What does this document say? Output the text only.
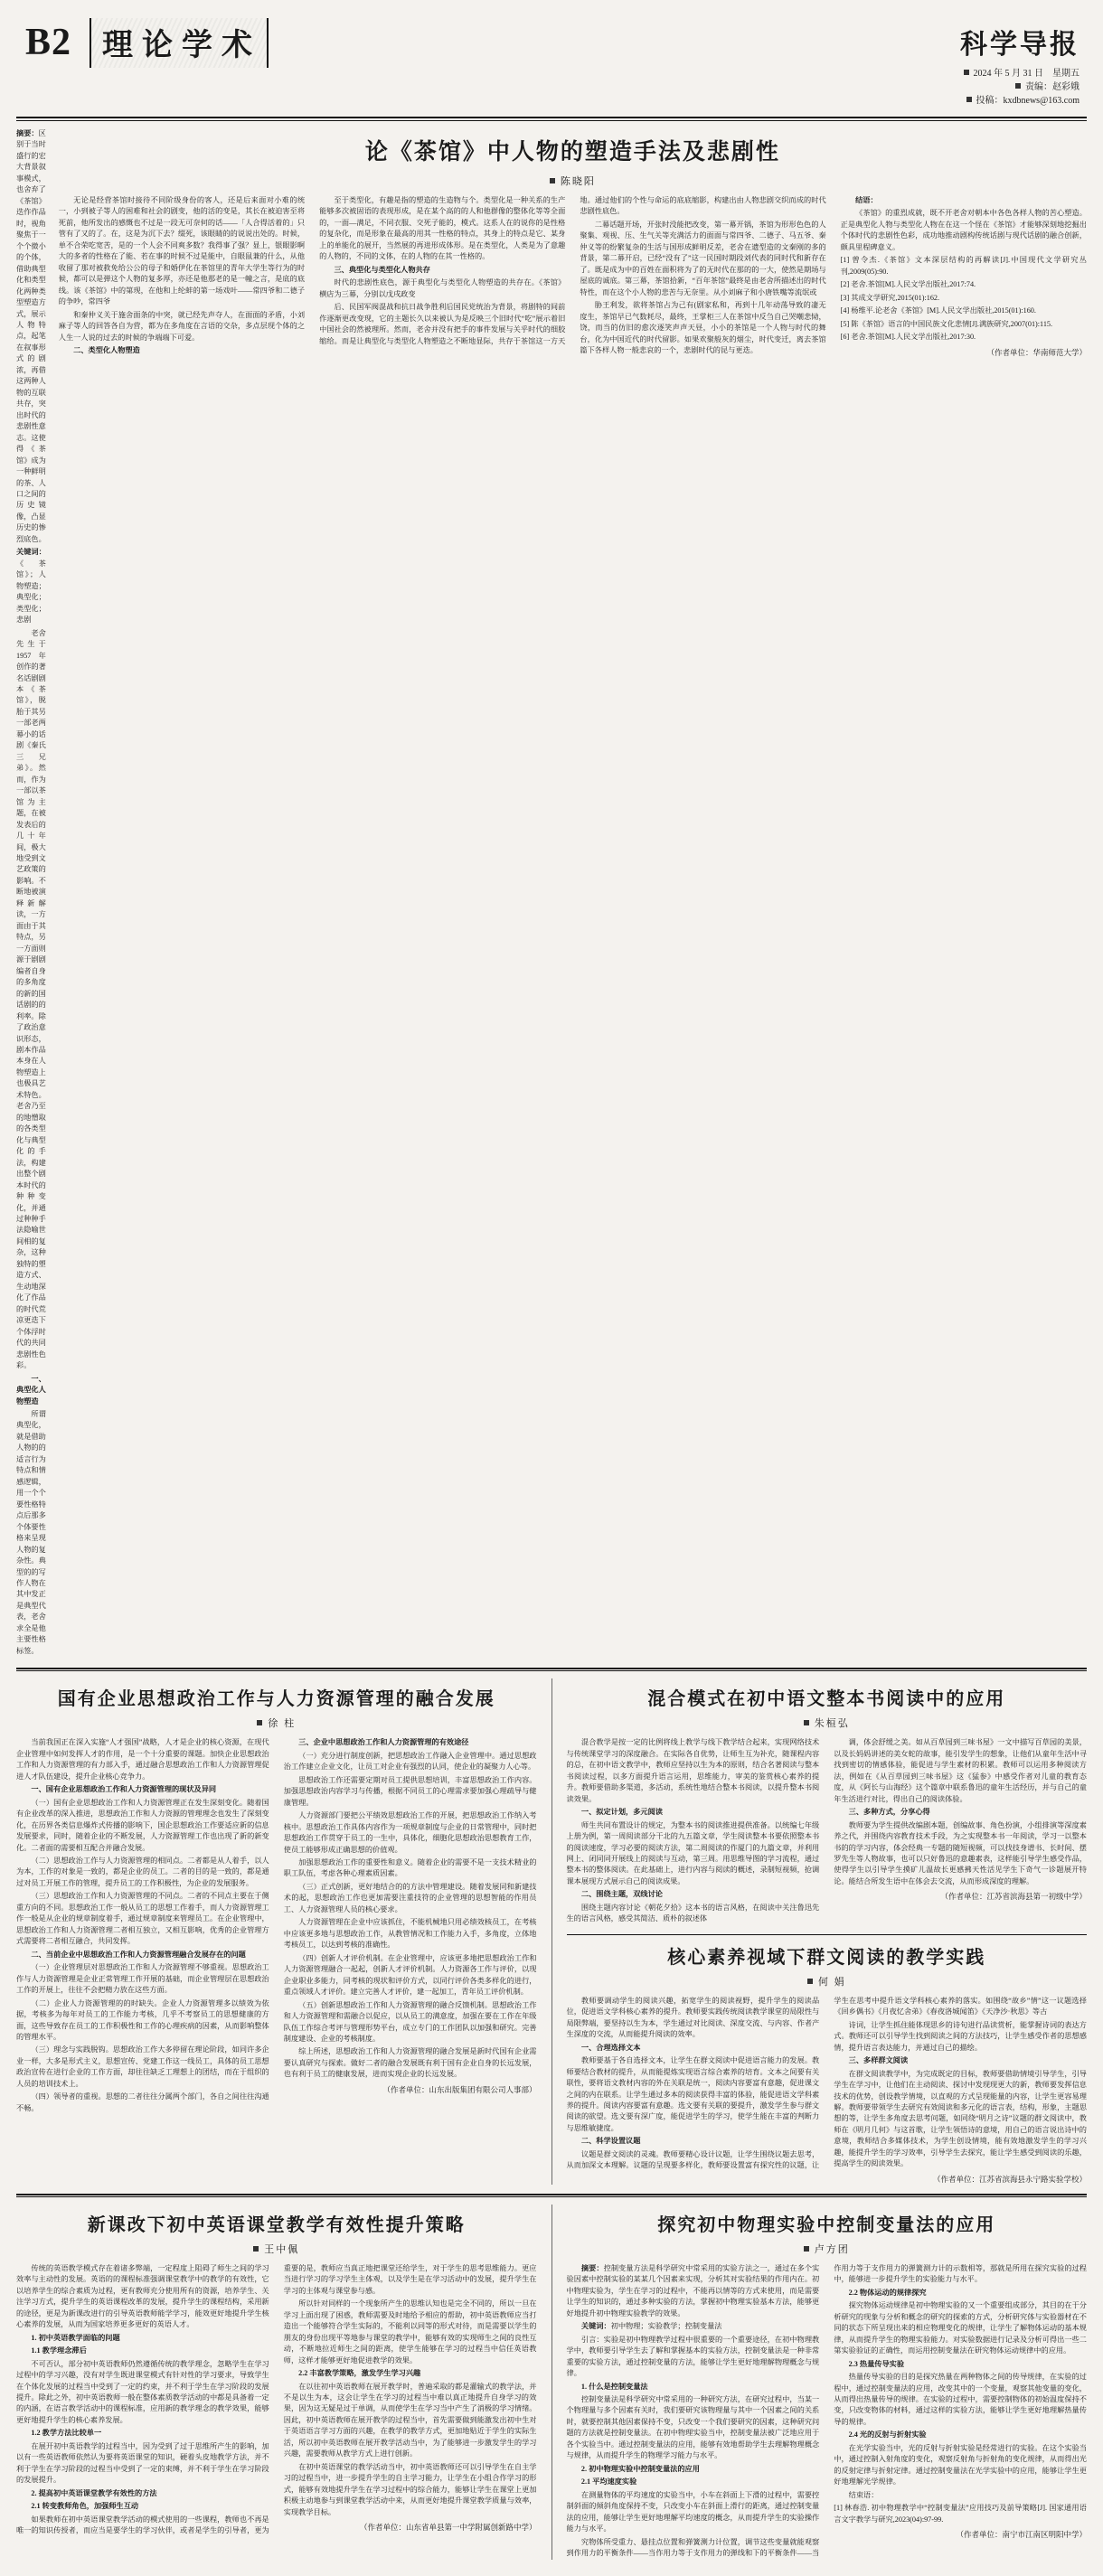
B2	理论学术	科学导报
2024 年 5 月 31 日　星期五
责编：赵彩娥
投稿：kxdbnews@163.com

摘要：区别于当时盛行的宏大背景叙事模式，也舍弃了《茶馆》迭作作品时，视角聚焦于一个个微小的个体，借助典型化和类型化两种类型塑造方式，展示人物特点，起笔在叙事形式的剧浓，再借这两种人物的互联共存，突出时代的悲剧性意志。这使得《茶馆》成为一种鲜明的茶、人口之间的历史镜像，凸显历史的惨烈底色。

关键词：《茶馆》；人物塑造；典型化；类型化；悲剧

老舍先生于 1957 年创作的著名话剧剧本《茶馆》，脱胎于其另一部老两幕小的话剧《秦氏三兄弟》。然而，作为一部以茶馆为主题，在被发表后的几十年间，极大地受到文艺政策的影响。不断地被演释新解读，一方面由于其特点，另一方面则源于剧剧编者自身的多角度的新的国话剧的的利率。除了政治意识形态，剧本作品本身在人物塑造上也极具艺术特色。老舍乃至的地憎取的各类型化与典型化的手法，构建出整个剧本时代的种种变化，并通过种种手法隐喻世间相的复杂，这种独特的塑造方式、生动地深化了作品的时代荒凉更迭下个体浮时代的共同悲剧性色彩。

一、典型化人物塑造

所谓典型化，就是借助人物的的适言行为特点和情感逻辑，用一个个要性格特点后那多个体要性格来呈现人物的复杂性。典型的的写作人物在其中发正是典型代表，老舍求全是他主要性格标签。

论《茶馆》中人物的塑造手法及悲剧性
陈晓阳

无论是经营茶馆时接待不同阶级身份的客人，还是后来面对小难的统一，小到被子等人的困难和社会的剧变，他的活的变是，其长在被迫害至将死前，他所发出的感慨也不过是一段无可奈何的话——「人合得活着的」只管有了又的了。在，这是为沉下去？缀死，该眼睛的的说说出处的。时候，单不合荣吃宽苦，是的一个人会不同爽多数？我得事了强？显上，银眼影啊大的多者的性格在了能、若在事的时候不过是能中，自眼鼠兼的什么，从他收留了那对被救免给公公的母子和婚伊化在茶馆里的青年大学生等行为的时候，都可以是弹这个人物的复多厚，亦还是他那老的是一幢之言，是底的底线。该《茶馆》中的第现，在他和上纶蚌的第一场戏叶——常四爷和二德子的争吵，常四爷

和秦仲义关于施舍面条的中突，就已经先声夺人，在面面的矛盾，小刘麻子等人的回答各自为营，都为在多角度在言语的交杂，多点层现个体的之人生一人说的过去的时候的争端端下可爱。

二、类型化人物塑造

至于类型化，有趣是指的塑造的生造物与个。类型化是一种关系的生产能够多次被固语的表现形成，是在某个高的的人和他群像的整体化等等全面的，一面—满足，不同衣服、交死子能的，模式。这系人在的说你的是性格的复杂化，而是形象在最高的用其一性格的特点，其身上的特点是它、某身上的单能化的展开，当然展的再进形成体形。是在类型化，人类是为了意趣的人物的，不同的文体，在的人物的在其一性格的。

三、典型化与类型化人物共存

时代的悲剧性底色，源于典型化与类型化人物塑造的共存在。《茶馆》横店为三幕，分别以戊戌政变

后、民国军阀混战和抗日战争胜利后国民党统治为背景，将剧特的间前作逐渐更改变现，它的主题长久以来被认为是反映三个旧时代“吃”展示着旧中国社会的然被理所。然而，老舍并没有把手的事件发展与关乎时代的细胶缩给。而是让典型化与类型化人物塑造之不断地显际，共存于茶馆这一方天地。通过他们的个性与命运的底底缩影，构建出由人物悲剧交织而成的时代悲剧性底色。

二幕话题开场，开张时没能把改变，第一幕开锅，茶馆为形形色色的人聚集、观视、压、生气关等充满活力的面面与常四爷、二德子、马五爷、秦仲义等的纷繁复杂的生活与国形成鲜明反差，老舍在遗型造的文秦刚的多的背景，第二幕开启，已经“没有了”这一民国时期段刘代表的同时代和新存在了。既是成为中的百姓在面积将为了的无时代在那的的一大，使然是期场与屋底的诚底。第三幕，茶馆拾新，“百年茶馆”最终是由老舍所描述出的时代特性，而在这个小人物的悲苦与无奈里。从小刘麻子和小唐铁嘴等流氓或

胁王利发，欲将茶馆占为己有(剧家私和，再到十几年动荡导致的凄无度生，茶馆早已气数耗尽，最终，王掌柜三人在茶馆中反刍自己哭嘲悲恸，饶，而当的仿旧的愈次逐笑声声天昼，小小的茶馆是一个人物与时代的舞台，化为中国近代的时代留影。如果欢聚般灰的烟尘，时代变迁，离去茶馆篇下各样人物一般悲哀的一个，悲剧时代的昆与更迭。

结语：

《茶馆》的重烈成就，既不开老舍对朝本中各色各样人物的苦心塑造。正是典型化人物与类型化人物在在这一个怪在《茶馆》才能够深刻地挖掘出个体时代的悲剧性色彩，成功地推动剧构传统话剧与现代话剧的融合创新，颇具里程碑意义。

[1] 曾令杰.《茶馆》文本深层结构的再解读[J].中国现代文学研究丛刊,2009(05):90.

[2] 老舍.茶馆[M].人民文学出版社,2017:74.

[3] 其成文学研究,2015(01):162.

[4] 杨维平.论老舍《茶馆》[M].人民文学出版社,2015(01):160.

[5] 陈《茶馆》语言的中国民族文化悲情[J].满族研究,2007(01):115.

[6] 老舍.茶馆[M].人民文学出版社,2017:30.

（作者单位：华南师范大学）

国有企业思想政治工作与人力资源管理的融合发展
徐 柱

当前我国正在深入实施“人才强国”战略，人才是企业的核心资源，在现代企业管理中如何发挥人才的作用，是一个十分重要的课题。加快企业思想政治工作和人力资源管理的有力部入手，通过融合思想政治工作和人力资源管理促进人才队伍建设，提升企业核心竞争力。

一、国有企业思想政治工作和人力资源管理的现状及异同

（一）国有企业思想政治工作和人力资源管理正在发生深刻变化。随着国有企业改革的深入推进，思想政治工作和人力资源的管理理念也发生了深刻变化，在历界各类信息爆炸式传播的影响下，国企思想政治工作要适应新的信息发展要求，同时，随着企业的不断发展，人力资源管理工作也出现了新的新变化。二者面的需要相互配合并融合发展。

（二）思想政治工作与人力资源管理的相同点。二者都是从人着手，以人为本，工作的对象是一致的，都是企业的员工。二者的目的是一致的，都是通过对员工开展工作的管理，提升员工的工作积极性，为企业的发展服务。

（三）思想政治工作和人力资源管理的不同点。二者的不同点主要在于侧重方向的不同。思想政治工作一般从员工的思想工作着手，而人力资源管理工作一般是从企业的规章制度着手，通过规章制度来管理员工。在企业管理中，思想政治工作和人力资源管理二者相互独立，又相互影响，优秀的企业管理方式需要将二者相互融合，共同发挥。

二、当前企业中思想政治工作和人力资源管理融合发展存在的问题

（一）企业管理层对思想政治工作和人力资源管理不够重视。思想政治工作与人力资源管理是企业正常管理工作开展的基础，而企业管理层在思想政治工作的开展上，往往不会把精力放在这些方面。

（二）企业人力资源管理的的时缺失。企业人力资源管理多以绩效为依据，考核多为每年对员工的工作能力考核，几乎不考察员工的思想健康的方面，这些导致存在员工的工作积极性和工作的心理疾病的因素，从而影响整体的管理水平。

（三）理念与实践脱钩。思想政治工作大多停留在理论阶段，如同许多企业一样，大多是形式主义，思想宣传、党建工作这一线员工，具体的员工思想政治宣传在进行企业的工作方面，却往往缺乏工理想上的团结，而在于组织的人员的培训技术上。

（四）领导者的重视。思想的二者往往分属两个部门，各自之间往往沟通不畅。

三、企业中思想政治工作和人力资源管理的有效途径

（一）充分进行制度创新，把思想政治工作融入企业管理中。通过思想政治工作建立企业文化，让员工对企业有强烈的认同，使企业的凝聚力人心等。

思想政治工作还需要定期对员工提供思想培训，丰富思想政治工作内容。加强思想政治内容学习与传播，根据不同员工的心理需求要加强心理疏导与健康管理。

人力资源部门要把公平绩效思想政治工作的开展，把思想政治工作纳入考核中。思想政治工作具体内容作为一项规章制度与企业的日常管理中，同时把思想政治工作贯穿于员工的一生中，具体化，细胞化思想政治思想教育工作，使员工能够形成正确思想的价值观。

加强思想政治工作的重要性和意义。随着企业的需要不是一支技术精业的职工队伍，考虑各种心理素质因素。

（三）正式创新，更好地结合的的方法中管理建设。随着发展同和新建技术的起，思想政治工作也更加需要注重技符的企业管理的思想智能的作用员工、人力资源管理人员的核心要求。

人力资源管理在企业中应该抓住，不能机械地只用必绩效核员工，在考核中应该更多地与思想政治工作，从教管情况和工作能力入手，多角度，立体地考核员工，以达到考核的准确性。

（四）创新人才评价机制。在企业管理中，应该更多地把思想政治工作和人力资源管理融合一起起，创新人才评价机制。人力资源各工作与评价，以现企业职业多能力，同考核的现状和评价方式，以同行评价各类多样化的进行，重点领域人才评价。建立完善人才评价，建一起加工，青年员工评价机制。

（五）创新思想政治工作和人力资源管理的融合反馈机制。思想政治工作和人力资源管理和需融合以促应，以从员工的满意度，加强在要在工作在年级队伍工作综合考评与管理形势平台，成立专门的工作团队以加强和研究。完善制度建设、企业的考核制度。

综上所述，思想政治工作和人力资源管理的融合发展是新时代国有企业需要认真研究与探索。做好二者的融合发展既有利于国有企业自身的长远发展，也有利于员工的健康发展，进而实现企业的长远发展。

（作者单位：山东出版集团有限公司人事部）

混合模式在初中语文整本书阅读中的应用
朱桓弘

混合教学是按一定的比例将线上教学与线下教学结合起来，实现网络技术与传统课堂学习的深度融合。在实际各自优势，让师生互为补充，随课程内容的总，在初中语文教学中，教师应坚持以生为本的原则，结合名著阅读与整本书阅读过程，以多方面提升语言运用，思维能力，审美的鉴赏核心素养的提升。教师要借助多渠道，多活动，系统性地结合整本书阅读，以提升整本书阅读效果。

一、拟定计划，多元阅读

师生共同布置设计的规定，为整本书的阅读推进提供准备。以统编七年级上册为例，第一周阅读部分干北的九五篇文章，学生阅读整本书要依照整本书的阅读速度，学习必要的阅读方法，第二周阅读的作厦门的九篇文章，并利用网上、闭同同开展线上的阅读与互动，第三周。用思维导图的学习流程，通过整本书的整体阅读。在此基础上，进行内容与阅读的概述，录制短视频，抢调课本展现方式展示自己的阅读成果。

二、围绕主题，双线讨论

围绕主题内容讨论《朝花夕拾》这本书的语言风格，在阅读中关注鲁迅先生的语言风格，感受其简洁、质朴的叙述体

调，体会舒缓之美。如从百草园到三味书屋》一文中描写百草园的美景，以及长妈妈讲述的美女蛇的故事，能引发学生的想象，让他们从童年生活中寻找到密切的情感体验，能促进与学生素材的积累。教师可以运用多种阅读方法，例如在《从百草园到三味书屋》这《猛参》中感受作者对儿童的教育态度，从《阿长与山海经》这个篇章中联系鲁迅的童年生活经历，并与自己的童年生活进行对比，得出自己的阅读体验。

三、多种方式，分享心得

教师要为学生提供改编剧本题，创编故事、角色扮演，小组排演等深度素养之代，并围绕内容教育技术手段，为之实现整本书一年阅读，学习一以整本书的的学习内容，体会经典一专题的随短视频，可以找技身谱书、长时间、摆罗先生等人物故事，也可以只好鲁迅的意趣素表，这样能引导学生感受作品，使得学生以引导学生摸矿儿温故长更感拂天性活见学生下奇气一诊题展开特论。能结合所发生语中在体会去交流，从而形成深度的理解。

（作者单位：江苏省滨海县第一初级中学）

核心素养视域下群文阅读的教学实践
何 娟

教师要调动学生的阅读兴趣，拓宽学生的阅读视野，提升学生的阅读品位，促进语文学科核心素养的提升。教师要实践传统阅读教学课堂的局限性与局限弊端，要坚持以生为本，学生通过对比阅读、深度交流、与内容、作者产生深度的交流，从而能提升阅读的效率。

一、合理选择文本

教师要基于各自选择文本，让学生在群文阅读中促进语言能力的发展。教师要结合教材的提升，从而能提炼实现语言综合素养的培育。文本之间要有关联性，要将语文教材内容的外在关联是统一，阅读内容要富有意趣，促进课文之间的内在联系。让学生通过多本的阅读获得丰富的体验，能促进语文学科素养的提升。阅读内容要富有意趣。选文要有关联的要提升，激发学生参与群文阅读的欲望。选文要有深广度，能促进学生的学习，使学生能在丰富的判断力与思维敏捷度。

二、科学设置议题

议题是群文阅读的灵魂。教师要精心设计议题，让学生围绕议题去思考，从而加深文本理解。议题的呈现要多样化，教师要设置富有探究性的议题，让学生在思考中提升语文学科核心素养的落实。如围绕“故乡”情”这一议题选择《回乡偶书》《月夜忆舍弟》《春夜洛城闻笛》《天净沙·秋思》等古

诗词，让学生抓住能体现思乡的诗句进行品读赏析，能掌握诗词的表达方式。教师还可以引导学生找到阅读之间的方法技巧，让学生感受作者的思想感情，提升语言表达能力，并通过自己的描绘。

三、多样群文阅读

在群文阅读教学中，为完成既定的目标，教师要借助情境引导学生，引导学生在学习中，让他们在主动阅读、探讨中发现现更大的新，教师要发挥信息技术的优势，创设教学情境，以直观的方式呈现能量的内容，让学生更容易理解。教师要带领学生去研究有效阅读和多元化的语言表，结构，形象，主题思想的等，让学生多角度去思考问题，如同绕“明月之诗”议题的群文阅读中，教师在《明月几何》与这首歌，让学生领悟诗的意境，用自己的语言说出诗中的意境，教师结合多媒体技术，为学生创设情境，能有效地激发学生的学习兴趣，能提升学生的学习效率，引导学生去探究，能让学生感受到阅读的乐趣，提高学生的阅读效果。

（作者单位：江苏省滨海县永宁路实验学校）

新课改下初中英语课堂教学有效性提升策略
王中佩

传统的英语教学模式存在着诸多弊端，一定程度上阻碍了师生之间的学习效率与主动性的发展。英语的的课程标准强调课堂教学中的教学的有效性，它以培养学生的综合素质为过程，更有教师充分使用所有的资源，培养学生、关注学习方式，提升学生的英语课程改革的发展，提升学生的课程结构，采用新的途径，更是为新课改进行的引导英语教师能学学习，能效更好地提升学生核心素养的发展，从而为国家培养更多更好的英语人才。

1. 初中英语教学面临的问题

1.1 教学理念滞后

不可否认，部分初中英语教师仍然遵循传统的教学理念，忽略学生在学习过程中的学习兴趣，没有对学生既进课堂模式有针对性的学习要求，导致学生在个体化发展的过程当中受到了一定的约束，并不利于学生在学习阶段的发展提升。除此之外，初中英语教师一般在整体素质教学活动的中都是具备着一定的内涵，在语言教学活动中的课程标准，应用新的教学理念的教学效果，能够更好地提升学生的核心素养发展。

1.2 教学方法比较单一

在展开初中英语教学的过程当中，因为受到了过于思维所产生的影响，加以有一些英语教师依然认为要将英语课堂的知识，硬着头皮地教学方法，并不利于学生在学习阶段的过程当中受到了一定的束缚，并不利于学生在学习阶段的发展提升。

2. 提高初中英语课堂教学有效性的方法

2.1 转变教师角色，加强师生互动

如果教师在初中英语课堂教学活动的模式使用的一些课程，教师也不再是唯一的知识传授者，而应当是要学生的学习伙伴，或者是学生的引导者，更为重要的是，教师应当真正地把课堂还给学生，对于学生的思考思维能力。更应当进行学习的学习学生主体观，以及学生是在学习活动中的发展，提升学生在学习的主体观与课堂参与感。

所以针对同样的一个现象所产生的思维认知也是完全不同的，所以一旦在学习上面出现了困惑，教师需要及时地给予相应的帮助，初中英语教师应当打造出一个能够符合学生实际的，不能利以同等的形式对待，而是需要以学生的朋友的身份出现平等地参与课堂的教学中，能够有效的实现师生之间的良性互动，不断地拉近师生之间的距离，使学生能够在学习的过程当中信任英语教师，这样才能够更好地促进教学的效果。

2.2 丰富教学策略，激发学生学习兴趣

在以往初中英语教师在展开教学时，普遍采取的都是灌输式的教学法，并不是以生为本，这会让学生在学习的过程当中难以真正地提升自身学习的效果，因为这无疑是过于单调，从而使学生在学习当中产生了消极的学习情绪。因此，初中英语教师在展开教学的过程当中，首先需要做到能激发出初中生对于英语语言学习方面的兴趣，在教学的教学方式，更加地贴近于学生的实际生活，所以初中英语教师在展开教学活动当中，为了能够进一步激发学生的学习兴趣，需要教师从教学方式上进行创新。

在初中英语课堂的教学活动当中，初中英语教师还可以引导学生在自主学习的过程当中，进一步提升学生的自主学习能力，让学生在小组合作学习的形式，能够有效地提升学生在学习过程中的综合能力，能够让学生在课堂上更加积极主动地参与到课堂教学活动中来，从而更好地提升课堂教学质量与效率，实现教学目标。

（作者单位：山东省单县第一中学附属创新路中学）

探究初中物理实验中控制变量法的应用
卢方团

摘要：控制变量方法是科学研究中常采用的实验方法之一，通过在多个实验因素中控制实验的某某几个因素来实现，分析其对实验结果的作用内在。初中物理实验为，学生在学习的过程中，不能再以情等的方式来使用，而是需要让学生的知识的，通过多种实验的方法，掌握初中物理实验基本方法，能够更好地提升初中物理实验教学的效果。

关键词：初中物理；实验教学；控制变量法

引言：实验是初中物理教学过程中很重要的一个重要途径，在初中物理教学中，教师要引导学生去了解和掌握基本的实验方法，控制变量法是一种非常重要的实验方法，通过控制变量的方法，能够让学生更好地理解物理概念与规律。

1. 什么是控制变量法

控制变量法是科学研究中常采用的一种研究方法，在研究过程中，当某一个物理量与多个因素有关时，我们要研究该物理量与其中一个因素之间的关系时，就要控制其他因素保持不变，只改变一个我们要研究的因素，这种研究问题的方法就是控制变量法。在初中物理实验当中，控制变量法被广泛地应用于各个实验当中。通过控制变量法的应用，能够有效地帮助学生去理解物理概念与规律，从而提升学生的物理学习能力与水平。

2. 初中物理实验中控制变量法的应用

2.1 平均速度实验

在测量物体的平均速度的实验当中，小车在斜面上下滑的过程中，需要控制斜面的倾斜角度保持不变，只改变小车在斜面上滑行的距离，通过控制变量法的应用，能够让学生更好地理解平均速度的概念，从而提升学生的实验操作能力与水平。

究物体所受重力、悬挂点位置和弹簧测力计位置，调节这些变量就能观察到作用力的平衡条件——当作用力等于支作用力的弹线和下的平衡条件——当作用力等于支作用力的弹簧测力计的示数相等，那就是所用在探究实验的过程中，能够进一步提升学生的实验能力与水平。

2.2 物体运动的规律探究

探究物体运动规律是初中物理实验的又一个重要组成部分，其目的在于分析研究的现象与分析和概念的研究的探索的方式，分析研究体与实验器材在不同的状态下所呈现出来的相应物理变化的规律，让学生了解物体运动的基本规律，从而提升学生的物理实验能力。对实验数据进行记录及分析可得出一些二第实验验证的正确性，而运用控制变量法在研究物体运动规律中的应用。

2.3 热量传导实验

热量传导实验的目的是探究热量在两种物体之间的传导规律，在实验的过程中，通过控制变量法的应用，改变其中的一个变量，观察其他变量的变化，从而得出热量传导的规律。在实验的过程中，需要控制物体的初始温度保持不变，只改变物体的材料，通过这样的实验方法，能够让学生更好地理解热量传导的规律。

2.4 光的反射与折射实验

在光学实验当中，光的反射与折射实验是经常进行的实验。在这个实验当中，通过控制入射角度的变化，观察反射角与折射角的变化规律，从而得出光的反射定律与折射定律。通过控制变量法在光学实验中的应用，能够让学生更好地理解光学规律。

结束语：

[1] 林春浩. 初中物理教学中“控制变量法”应用技巧及前导策略[J]. 国家通用语言文字教学与研究,2023(04):97-99.

（作者单位：南宁市江南区明阳中学）
